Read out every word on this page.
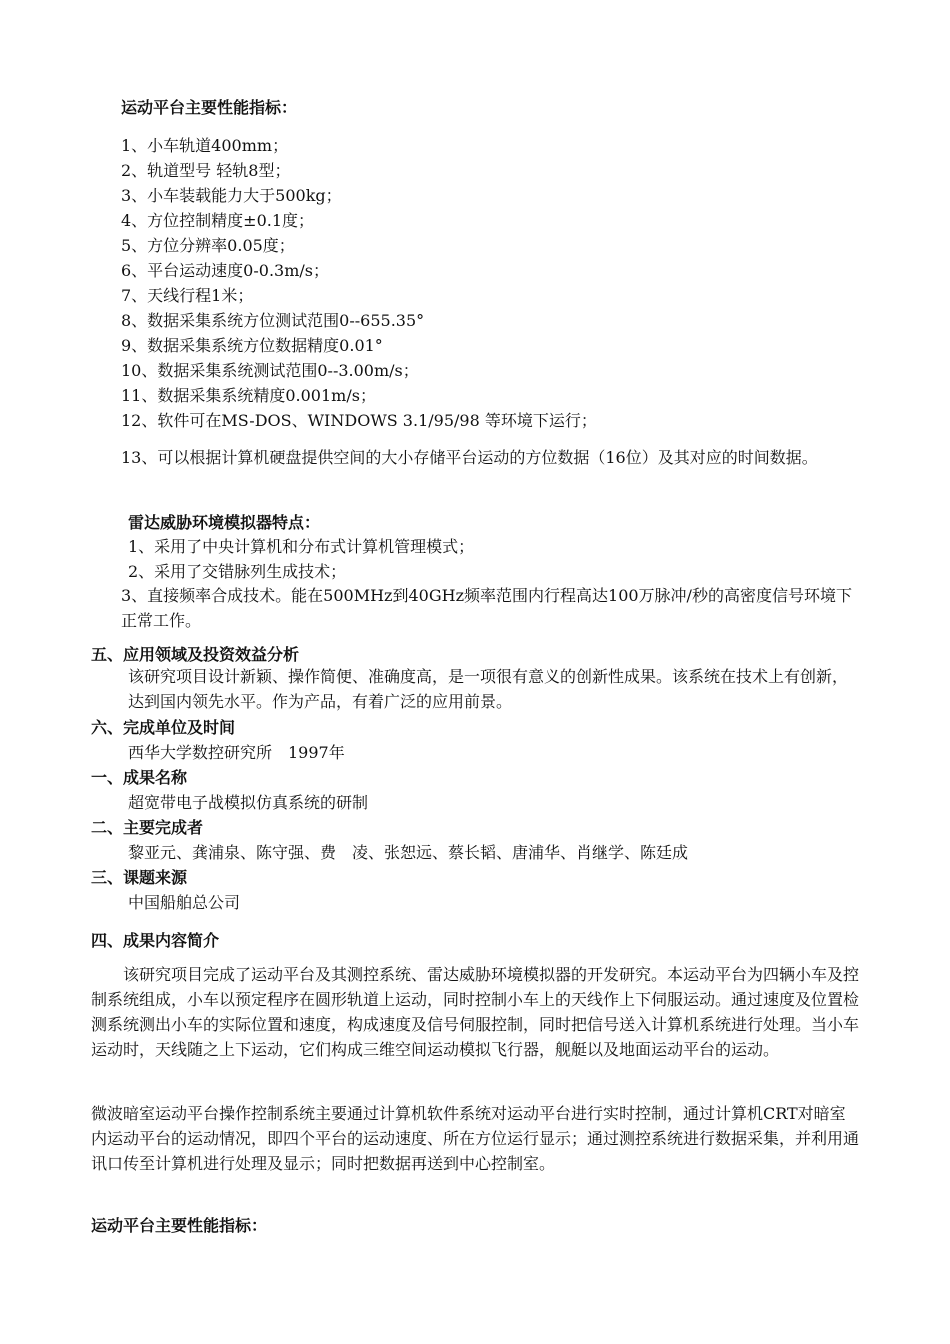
运动平台主要性能指标：
1、小车轨道400mm；
2、轨道型号 轻轨8型；
3、小车装载能力大于500kg；
4、方位控制精度±0.1度；
5、方位分辨率0.05度；
6、平台运动速度0-0.3m/s；
7、天线行程1米；
8、数据采集系统方位测试范围0--655.35°
9、数据采集系统方位数据精度0.01°
10、数据采集系统测试范围0--3.00m/s；
11、数据采集系统精度0.001m/s；
12、软件可在MS-DOS、WINDOWS 3.1/95/98 等环境下运行；
13、可以根据计算机硬盘提供空间的大小存储平台运动的方位数据（16位）及其对应的时间数据。
雷达威胁环境模拟器特点：
1、采用了中央计算机和分布式计算机管理模式；
2、采用了交错脉列生成技术；
3、直接频率合成技术。能在500MHz到40GHz频率范围内行程高达100万脉冲/秒的高密度信号环境下正常工作。
五、应用领域及投资效益分析
该研究项目设计新颖、操作简便、准确度高，是一项很有意义的创新性成果。该系统在技术上有创新，达到国内领先水平。作为产品，有着广泛的应用前景。
六、完成单位及时间
西华大学数控研究所　1997年
一、成果名称
超宽带电子战模拟仿真系统的研制
二、主要完成者
黎亚元、龚浦泉、陈守强、费　凌、张恕远、蔡长韬、唐浦华、肖继学、陈廷成
三、课题来源
中国船舶总公司
四、成果内容简介
该研究项目完成了运动平台及其测控系统、雷达威胁环境模拟器的开发研究。本运动平台为四辆小车及控制系统组成，小车以预定程序在圆形轨道上运动，同时控制小车上的天线作上下伺服运动。通过速度及位置检测系统测出小车的实际位置和速度，构成速度及信号伺服控制，同时把信号送入计算机系统进行处理。当小车运动时，天线随之上下运动，它们构成三维空间运动模拟飞行器，舰艇以及地面运动平台的运动。
微波暗室运动平台操作控制系统主要通过计算机软件系统对运动平台进行实时控制，通过计算机CRT对暗室内运动平台的运动情况，即四个平台的运动速度、所在方位运行显示；通过测控系统进行数据采集，并利用通讯口传至计算机进行处理及显示；同时把数据再送到中心控制室。
运动平台主要性能指标：
